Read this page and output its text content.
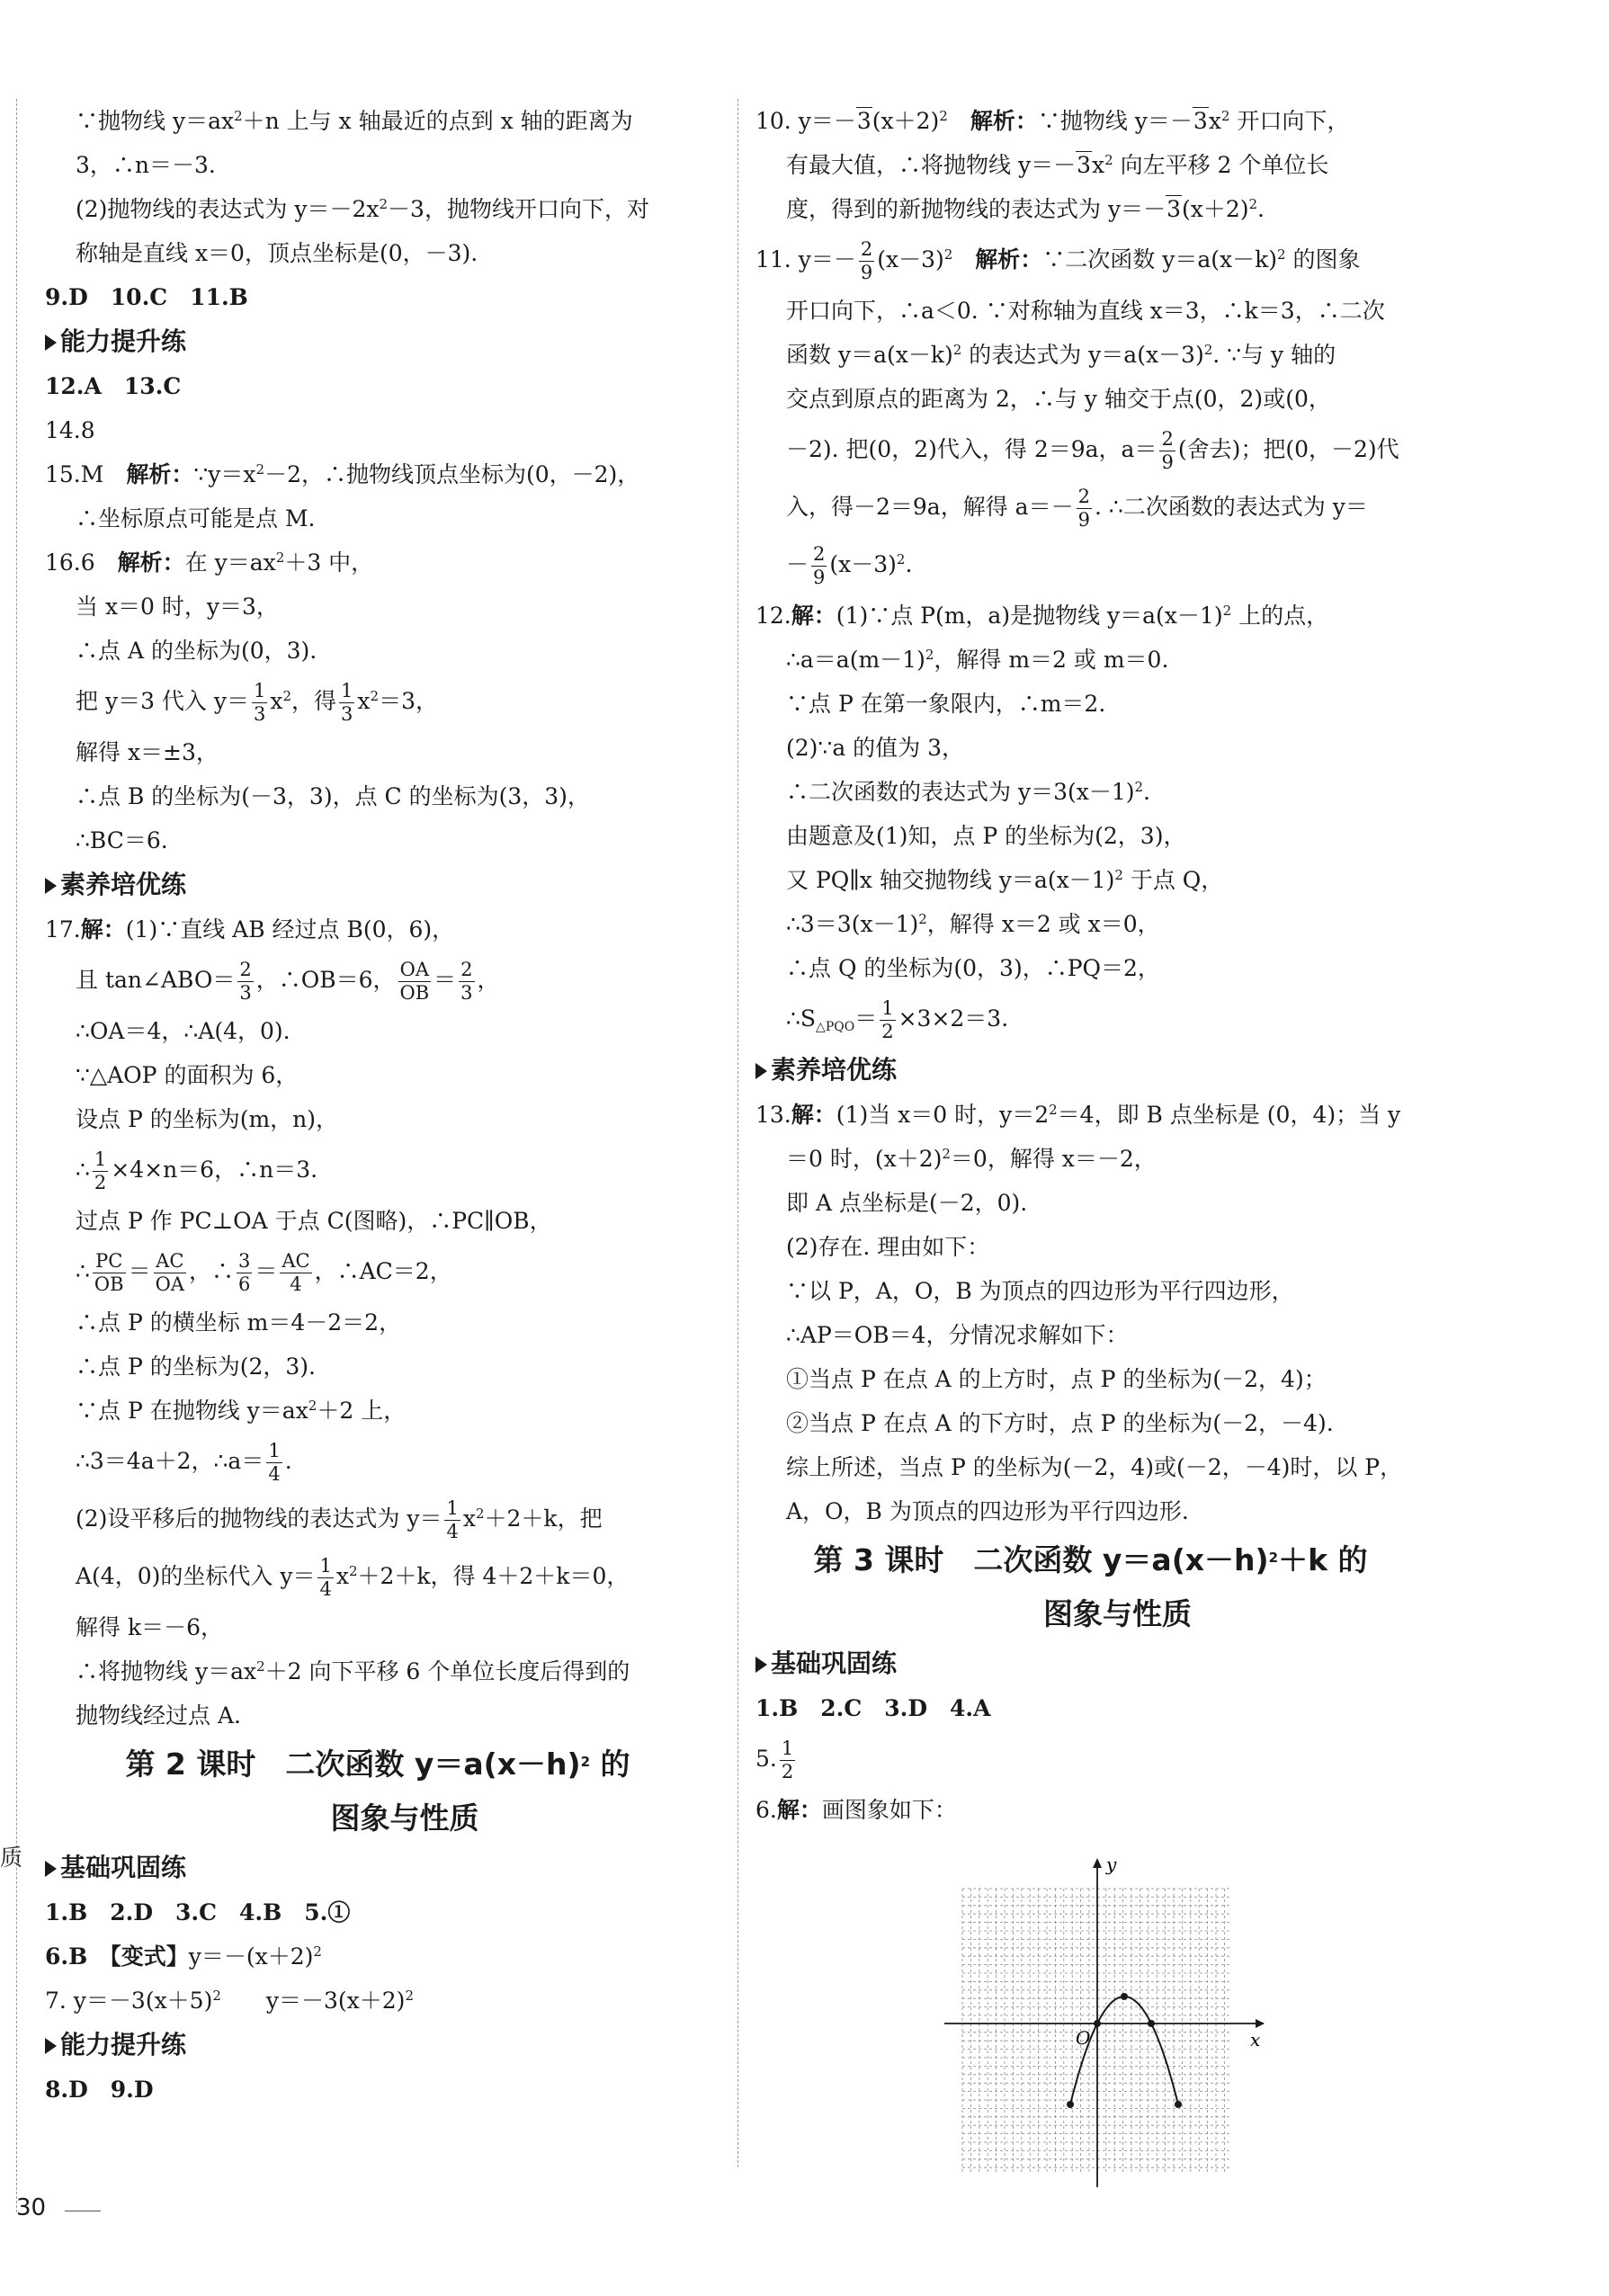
质
∵抛物线 $y=ax^2+n$ 上与 x 轴最近的点到 x 轴的距离为
3，∴n＝－3.
(2)抛物线的表达式为 $y=-2x^2-3$，抛物线开口向下，对
称轴是直线 x＝0，顶点坐标是(0，－3).
9.D　10.C　11.B
能力提升练
12.A　13.C
14.8
15.M　解析：$\because y=x^2-2$，∴抛物线顶点坐标为(0，－2)，
∴坐标原点可能是点 M.
16.6　解析：在 $y=ax^2+3$ 中，
当 x＝0 时，y＝3，
∴点 A 的坐标为(0，3).
把 y＝3 代入 $y= \frac{1}{3} x^2$，得 $\frac{1}{3} x^2=3$，
解得 x＝±3，
∴点 B 的坐标为(－3，3)，点 C 的坐标为(3，3)，
∴BC＝6.
素养培优练
17.解：(1)∵直线 AB 经过点 B(0，6)，
且 tan∠ABO＝ $\frac{2}{3}$ ，∴OB＝6， $\frac{OA}{OB} = \frac{2}{3}$ ，
∴OA＝4，∴A(4，0).
∵△AOP 的面积为 6，
设点 P 的坐标为(m，n)，
∴ $\frac{1}{2} \times 4\times n=6$，∴n＝3.
过点 P 作 PC⊥OA 于点 C(图略)，∴PC∥OB，
∴ $\frac{PC}{OB} = \frac{AC}{OA}$ ，∴ $\frac{3}{6} = \frac{AC}{4}$ ，∴AC＝2，
∴点 P 的横坐标 m＝4－2＝2，
∴点 P 的坐标为(2，3).
∵点 P 在抛物线 $y=ax^2+2$ 上，
∴3＝4a＋2，∴a＝ $\frac{1}{4}$ .
(2)设平移后的抛物线的表达式为 $y= \frac{1}{4} x^2+2+k$，把
A(4，0)的坐标代入 $y= \frac{1}{4} x^2+2+k$，得 4＋2＋k＝0，
解得 k＝－6，
∴将抛物线 $y=ax^2+2$ 向下平移 6 个单位长度后得到的
抛物线经过点 A.
第 2 课时　 二次函数 $y=a(x-h)^2$ 的
图象与性质
基础巩固练
1.B　2.D　3.C　4.B　5.①
6.B　【变式】$y=-(x+2)^2$
7. $y=-3(x+5)^2$　　$y=-3(x+2)^2$
能力提升练
8.D　9.D
10. $y=-3(x+2)^2$　解析：∵抛物线 $y=-3x^2$ 开口向下，
有最大值，∴将抛物线 $y=-3x^2$ 向左平移 2 个单位长
度，得到的新抛物线的表达式为 $y=-3(x+2)^2$.
11. $y=- \frac{2}{9} (x-3)^2$　解析：∵二次函数 $y=a(x-k)^2$ 的图象
开口向下，∴a＜0. ∵对称轴为直线 x＝3，∴k＝3，∴二次
函数 $y=a(x-k)^2$ 的表达式为 $y=a(x-3)^2$. ∵与 y 轴的
交点到原点的距离为 2，∴与 y 轴交于点(0，2)或(0，
－2). 把(0，2)代入，得 2＝9a，$a= \frac{2}{9}$ (舍去)；把(0，－2)代
入，得－2＝9a，解得 $a=- \frac{2}{9}$ . ∴二次函数的表达式为 y＝
－ $\frac{2}{9} (x-3)^2$.
12.解：(1)∵点 P(m，a)是抛物线 $y=a(x-1)^2$ 上的点，
$\therefore a=a(m-1)^2$，解得 m＝2 或 m＝0.
∵点 P 在第一象限内，∴m＝2.
(2)∵a 的值为 3，
∴二次函数的表达式为 $y=3(x-1)^2$.
由题意及(1)知，点 P 的坐标为(2，3)，
又 PQ∥x 轴交抛物线 $y=a(x-1)^2$ 于点 Q，
$\therefore 3=3(x-1)^2$，解得 x＝2 或 x＝0，
∴点 Q 的坐标为(0，3)，∴PQ＝2，
$\therefore S_{\triangle PQO}= \frac{1}{2} \times 3\times 2=3$.
素养培优练
13.解：(1)当 x＝0 时，$y=2^2=4$，即 B 点坐标是 (0，4)；当 y
＝0 时，$(x+2)^2=0$，解得 x＝－2，
即 A 点坐标是(－2，0).
(2)存在. 理由如下：
∵以 P，A，O，B 为顶点的四边形为平行四边形，
∴AP＝OB＝4，分情况求解如下：
①当点 P 在点 A 的上方时，点 P 的坐标为(－2，4)；
②当点 P 在点 A 的下方时，点 P 的坐标为(－2，－4).
综上所述，当点 P 的坐标为(－2，4)或(－2，－4)时，以 P，
A，O，B 为顶点的四边形为平行四边形.
第 3 课时　 二次函数 $y=a(x-h)^2+k$ 的
图象与性质
基础巩固练
1.B　2.C　3.D　4.A
5. $\frac{1}{2}$
6.解：画图象如下：
x
y
O
30
